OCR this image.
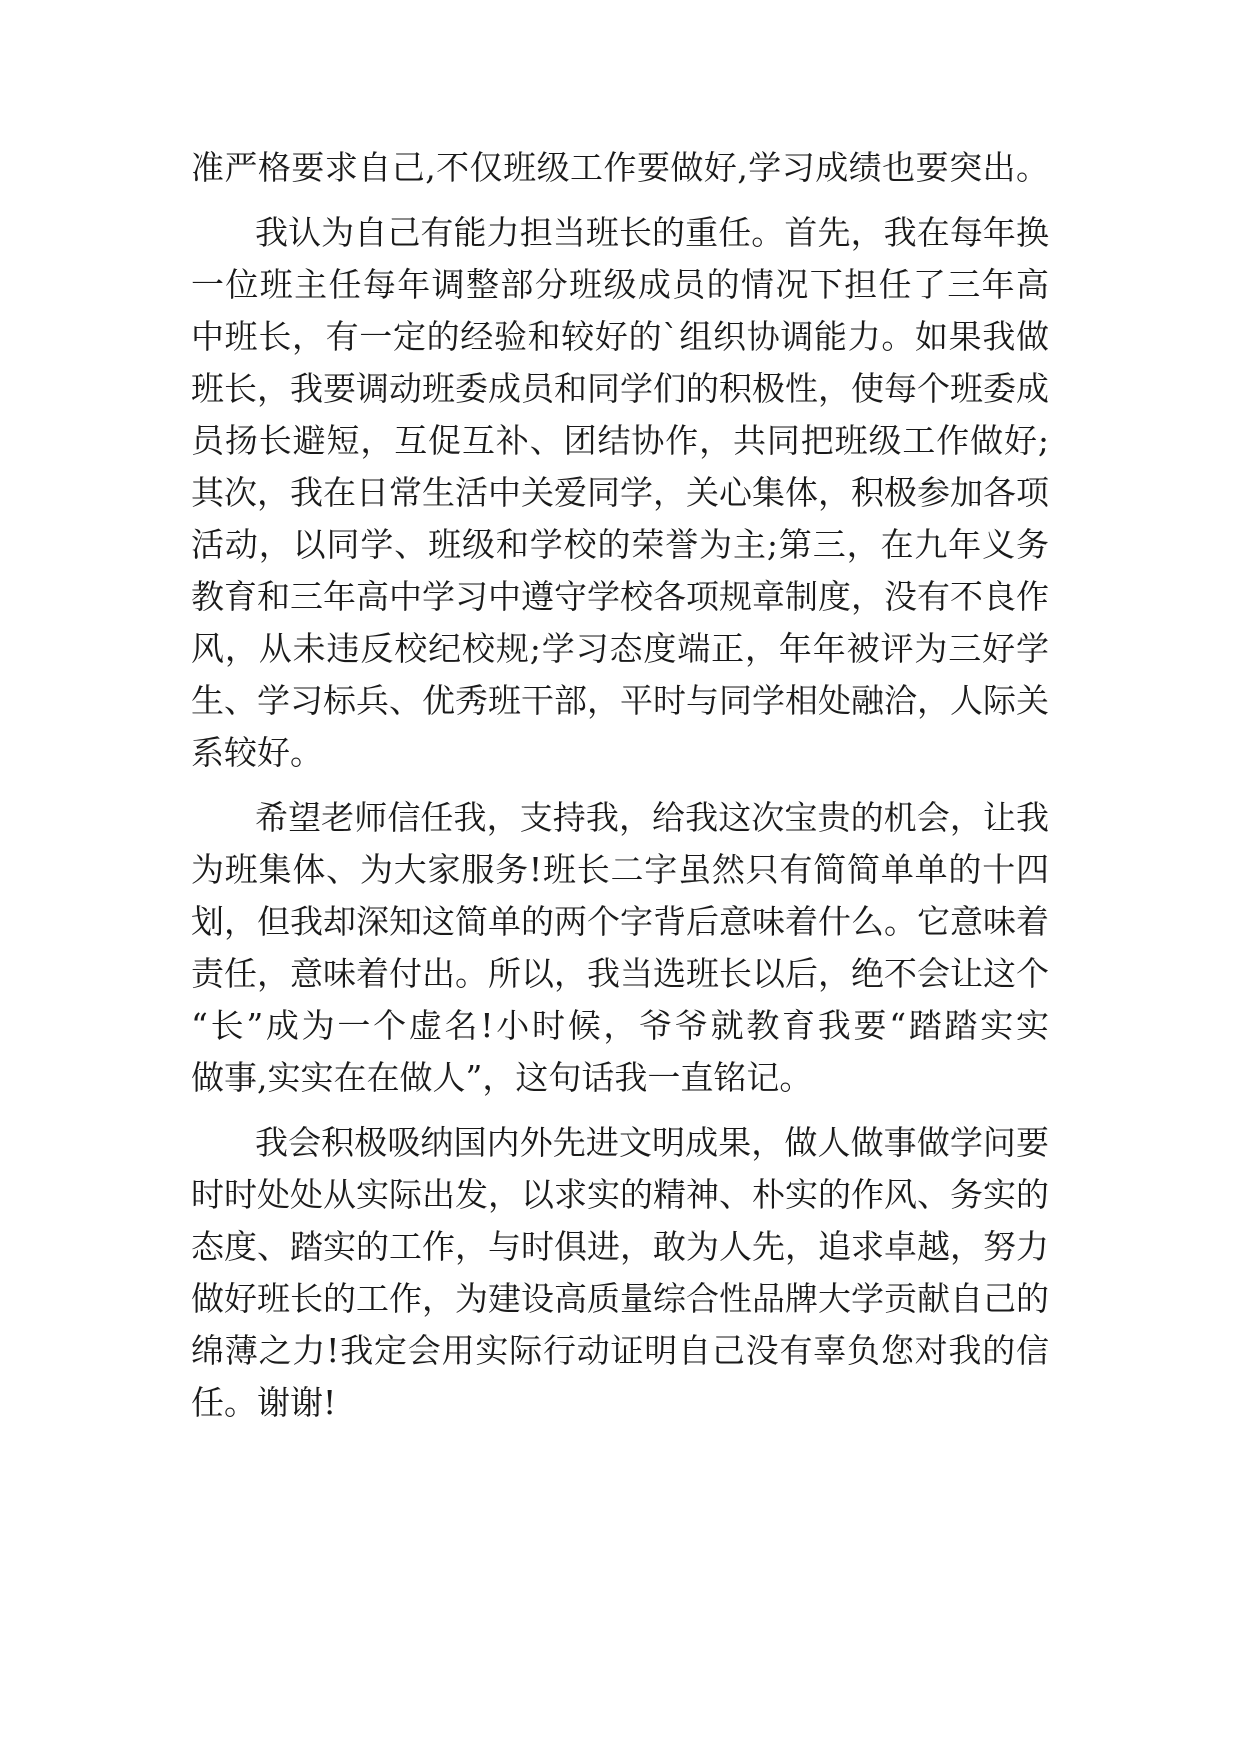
准严格要求自己,不仅班级工作要做好,学习成绩也要突出。
我认为自己有能力担当班长的重任。首先，我在每年换
一位班主任每年调整部分班级成员的情况下担任了三年高
中班长，有一定的经验和较好的`组织协调能力。如果我做
班长，我要调动班委成员和同学们的积极性，使每个班委成
员扬长避短，互促互补、团结协作，共同把班级工作做好;
其次，我在日常生活中关爱同学，关心集体，积极参加各项
活动，以同学、班级和学校的荣誉为主;第三，在九年义务
教育和三年高中学习中遵守学校各项规章制度，没有不良作
风，从未违反校纪校规;学习态度端正，年年被评为三好学
生、学习标兵、优秀班干部，平时与同学相处融洽，人际关
系较好。
希望老师信任我，支持我，给我这次宝贵的机会，让我
为班集体、为大家服务!班长二字虽然只有简简单单的十四
划，但我却深知这简单的两个字背后意味着什么。它意味着
责任，意味着付出。所以，我当选班长以后，绝不会让这个
“长”成为一个虚名!小时候，爷爷就教育我要“踏踏实实
做事,实实在在做人”，这句话我一直铭记。
我会积极吸纳国内外先进文明成果，做人做事做学问要
时时处处从实际出发，以求实的精神、朴实的作风、务实的
态度、踏实的工作，与时俱进，敢为人先，追求卓越，努力
做好班长的工作，为建设高质量综合性品牌大学贡献自己的
绵薄之力!我定会用实际行动证明自己没有辜负您对我的信
任。谢谢!
